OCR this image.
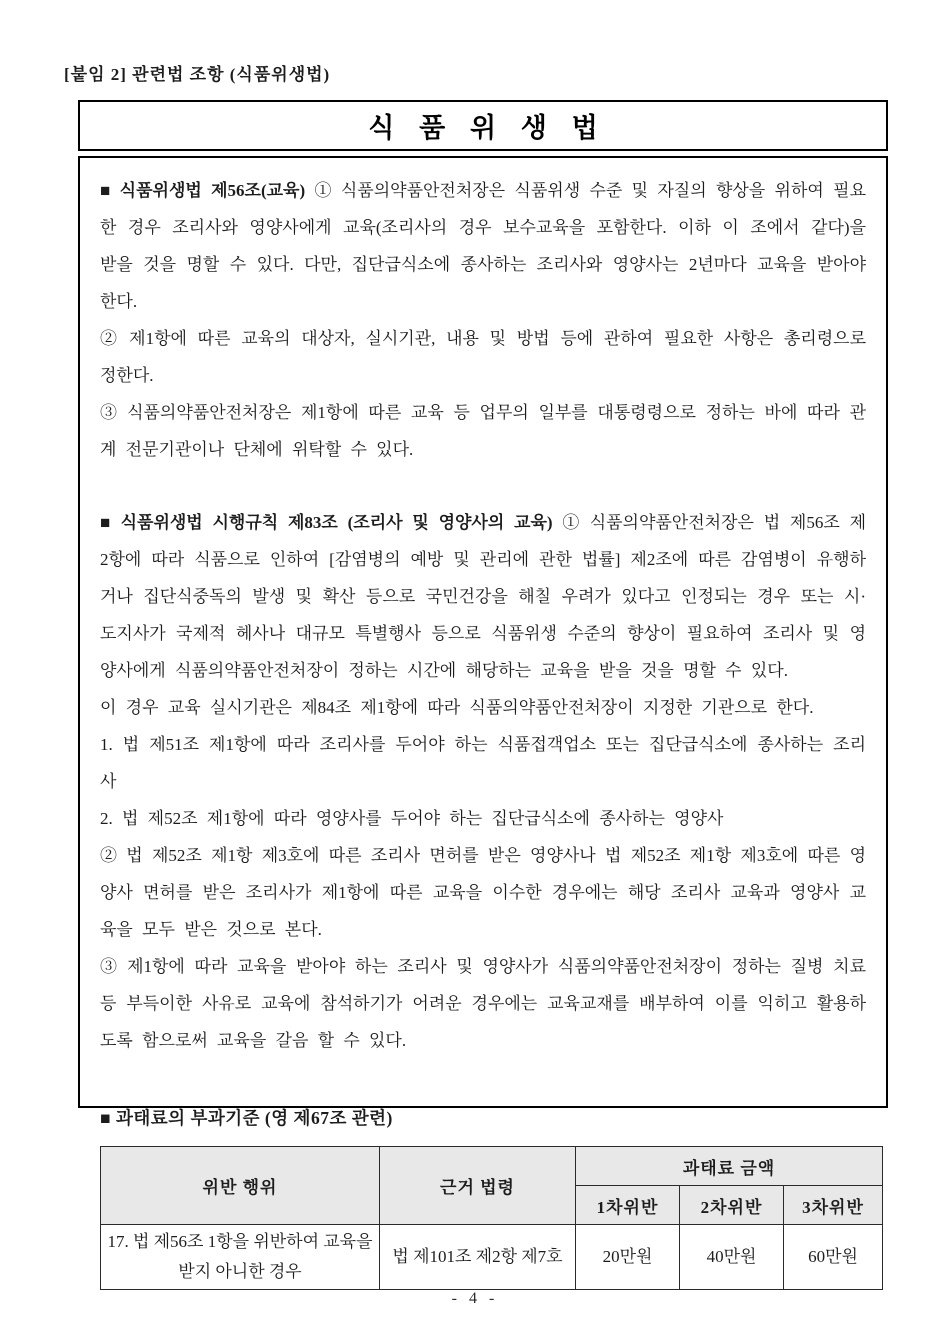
[붙임 2] 관련법 조항 (식품위생법)
식 품 위 생 법
■ 식품위생법 제56조(교육) ① 식품의약품안전처장은 식품위생 수준 및 자질의 향상을 위하여 필요한 경우 조리사와 영양사에게 교육(조리사의 경우 보수교육을 포함한다. 이하 이 조에서 같다)을 받을 것을 명할 수 있다. 다만, 집단급식소에 종사하는 조리사와 영양사는 2년마다 교육을 받아야 한다.
② 제1항에 따른 교육의 대상자, 실시기관, 내용 및 방법 등에 관하여 필요한 사항은 총리령으로 정한다.
③ 식품의약품안전처장은 제1항에 따른 교육 등 업무의 일부를 대통령령으로 정하는 바에 따라 관계 전문기관이나 단체에 위탁할 수 있다.
■ 식품위생법 시행규칙 제83조 (조리사 및 영양사의 교육) ① 식품의약품안전처장은 법 제56조 제2항에 따라 식품으로 인하여 [감염병의 예방 및 관리에 관한 법률] 제2조에 따른 감염병이 유행하거나 집단식중독의 발생 및 확산 등으로 국민건강을 해칠 우려가 있다고 인정되는 경우 또는 시·도지사가 국제적 헤사나 대규모 특별행사 등으로 식품위생 수준의 향상이 필요하여 조리사 및 영양사에게 식품의약품안전처장이 정하는 시간에 해당하는 교육을 받을 것을 명할 수 있다.
이 경우 교육 실시기관은 제84조 제1항에 따라 식품의약품안전처장이 지정한 기관으로 한다.
1. 법 제51조 제1항에 따라 조리사를 두어야 하는 식품접객업소 또는 집단급식소에 종사하는 조리사
2. 법 제52조 제1항에 따라 영양사를 두어야 하는 집단급식소에 종사하는 영양사
② 법 제52조 제1항 제3호에 따른 조리사 면허를 받은 영양사나 법 제52조 제1항 제3호에 따른 영양사 면허를 받은 조리사가 제1항에 따른 교육을 이수한 경우에는 해당 조리사 교육과 영양사 교육을 모두 받은 것으로 본다.
③ 제1항에 따라 교육을 받아야 하는 조리사 및 영양사가 식품의약품안전처장이 정하는 질병 치료 등 부득이한 사유로 교육에 참석하기가 어려운 경우에는 교육교재를 배부하여 이를 익히고 활용하도록 함으로써 교육을 갈음 할 수 있다.
■ 과태료의 부과기준 (영 제67조 관련)
위반 행위	근거 법령	과태료 금액		
		1차위반	2차위반	3차위반
17. 법 제56조 1항을 위반하여 교육을 받지 아니한 경우	법 제101조 제2항 제7호	20만원	40만원	60만원
- 4 -
